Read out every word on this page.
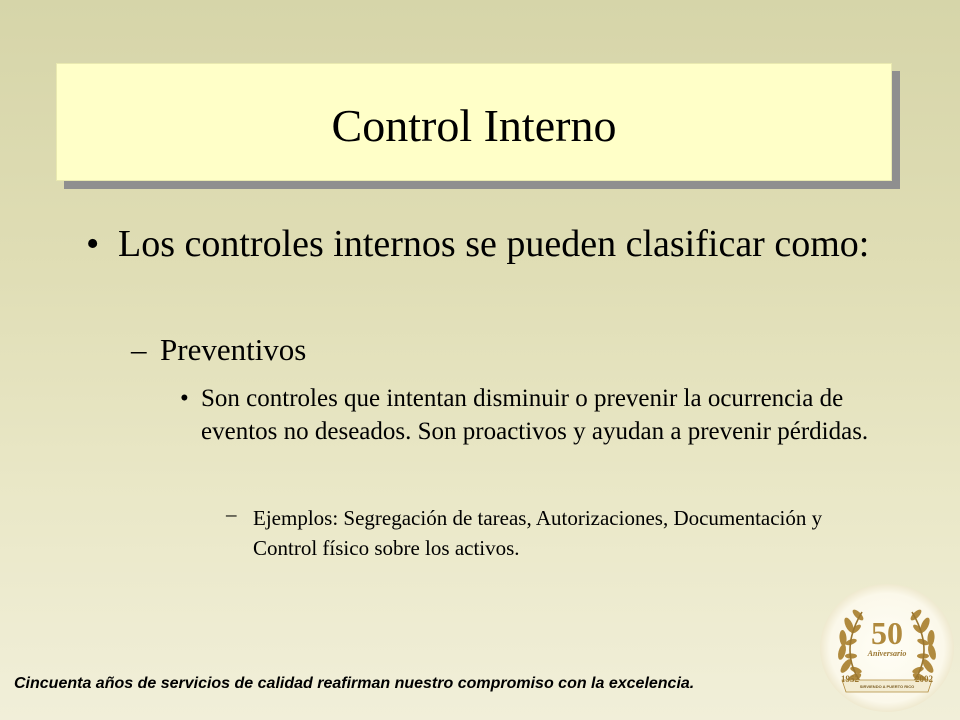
Control Interno
• Los controles internos se pueden clasificar como:
– Preventivos
• Son controles que intentan disminuir o prevenir la ocurrencia de eventos no deseados. Son proactivos y ayudan a prevenir pérdidas.
– Ejemplos: Segregación de tareas, Autorizaciones, Documentación y Control físico sobre los activos.
Cincuenta años de servicios de calidad reafirman nuestro compromiso con la excelencia.
50
Aniversario
1952	2002
SIRVIENDO A PUERTO RICO
